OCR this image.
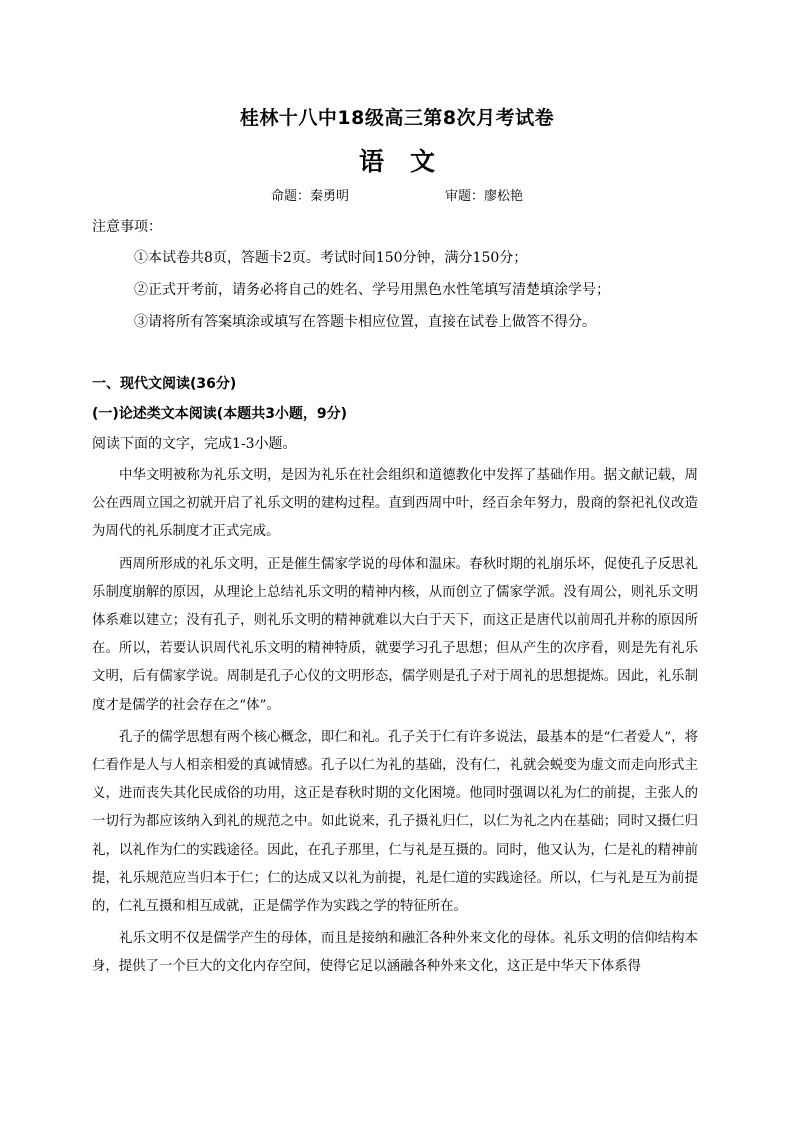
桂林十八中18级高三第8次月考试卷
语文
命题：秦勇明	审题：廖松艳
注意事项：
①本试卷共8页，答题卡2页。考试时间150分钟，满分150分；
②正式开考前，请务必将自己的姓名、学号用黑色水性笔填写清楚填涂学号；
③请将所有答案填涂或填写在答题卡相应位置，直接在试卷上做答不得分。
一、现代文阅读(36分)
(一)论述类文本阅读(本题共3小题，9分)
阅读下面的文字，完成1-3小题。

中华文明被称为礼乐文明，是因为礼乐在社会组织和道德教化中发挥了基础作用。据文献记载，周公在西周立国之初就开启了礼乐文明的建构过程。直到西周中叶，经百余年努力，殷商的祭祀礼仪改造为周代的礼乐制度才正式完成。

西周所形成的礼乐文明，正是催生儒家学说的母体和温床。春秋时期的礼崩乐坏，促使孔子反思礼乐制度崩解的原因，从理论上总结礼乐文明的精神内核，从而创立了儒家学派。没有周公，则礼乐文明体系难以建立；没有孔子，则礼乐文明的精神就难以大白于天下，而这正是唐代以前周孔并称的原因所在。所以，若要认识周代礼乐文明的精神特质，就要学习孔子思想；但从产生的次序看，则是先有礼乐文明，后有儒家学说。周制是孔子心仪的文明形态，儒学则是孔子对于周礼的思想提炼。因此，礼乐制度才是儒学的社会存在之“体”。

孔子的儒学思想有两个核心概念，即仁和礼。孔子关于仁有许多说法，最基本的是“仁者爱人”，将仁看作是人与人相亲相爱的真诚情感。孔子以仁为礼的基础，没有仁，礼就会蜕变为虚文而走向形式主义，进而丧失其化民成俗的功用，这正是春秋时期的文化困境。他同时强调以礼为仁的前提，主张人的一切行为都应该纳入到礼的规范之中。如此说来，孔子摄礼归仁，以仁为礼之内在基础；同时又摄仁归礼，以礼作为仁的实践途径。因此，在孔子那里，仁与礼是互摄的。同时，他又认为，仁是礼的精神前提，礼乐规范应当归本于仁；仁的达成又以礼为前提，礼是仁道的实践途径。所以，仁与礼是互为前提的，仁礼互摄和相互成就，正是儒学作为实践之学的特征所在。

礼乐文明不仅是儒学产生的母体，而且是接纳和融汇各种外来文化的母体。礼乐文明的信仰结构本身，提供了一个巨大的文化内存空间，使得它足以涵融各种外来文化，这正是中华天下体系得
